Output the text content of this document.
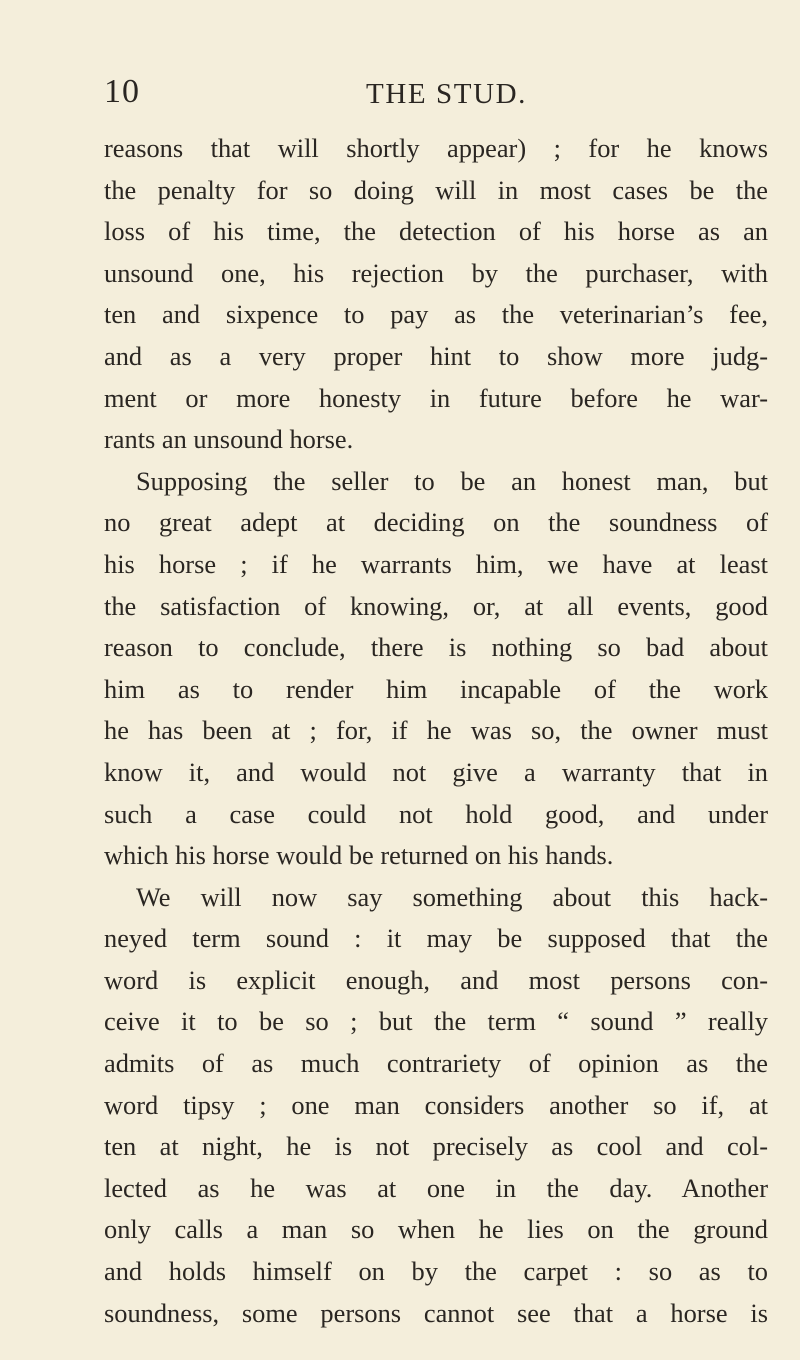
10	THE STUD.
reasons that will shortly appear) ; for he knows
the penalty for so doing will in most cases be the
loss of his time, the detection of his horse as an
unsound one, his rejection by the purchaser, with
ten and sixpence to pay as the veterinarian’s fee,
and as a very proper hint to show more judg-
ment or more honesty in future before he war-
rants an unsound horse.
Supposing the seller to be an honest man, but
no great adept at deciding on the soundness of
his horse ; if he warrants him, we have at least
the satisfaction of knowing, or, at all events, good
reason to conclude, there is nothing so bad about
him as to render him incapable of the work
he has been at ; for, if he was so, the owner must
know it, and would not give a warranty that in
such a case could not hold good, and under
which his horse would be returned on his hands.
We will now say something about this hack-
neyed term sound : it may be supposed that the
word is explicit enough, and most persons con-
ceive it to be so ; but the term “ sound ” really
admits of as much contrariety of opinion as the
word tipsy ; one man considers another so if, at
ten at night, he is not precisely as cool and col-
lected as he was at one in the day. Another
only calls a man so when he lies on the ground
and holds himself on by the carpet : so as to
soundness, some persons cannot see that a horse is
